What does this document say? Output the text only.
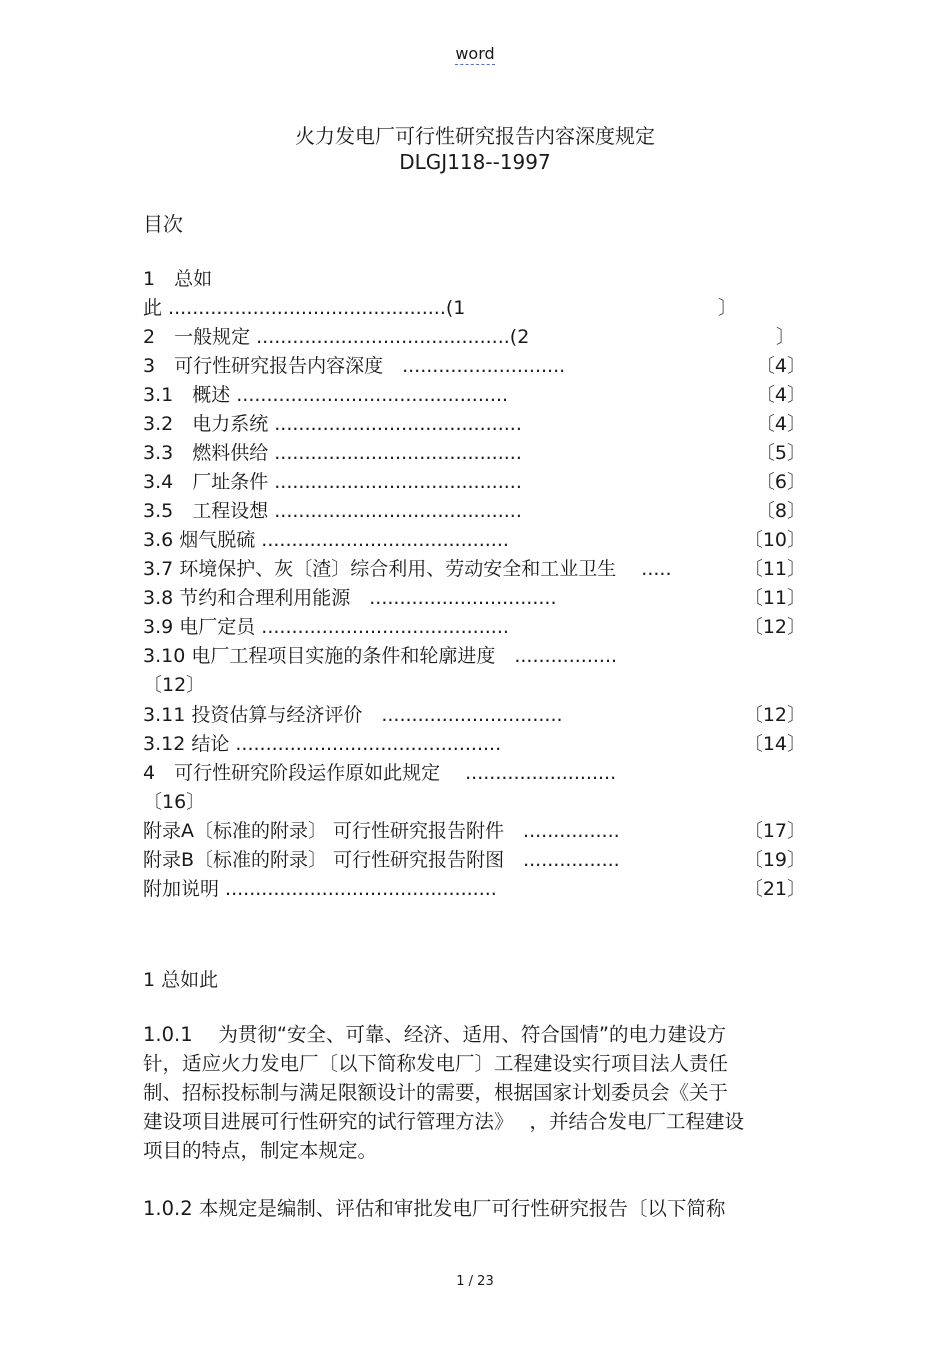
word
火力发电厂可行性研究报告内容深度规定
DLGJ118--1997
目次
1　总如
此 ..............................................(1	〕
2　一般规定 ..........................................(2	〕
3　可行性研究报告内容深度　...........................	〔4〕
3.1　概述 .............................................	〔4〕
3.2　电力系统 .........................................	〔4〕
3.3　燃料供给 .........................................	〔5〕
3.4　厂址条件 .........................................	〔6〕
3.5　工程设想 .........................................	〔8〕
3.6 烟气脱硫 .........................................	〔10〕
3.7 环境保护、灰〔渣〕综合利用、劳动安全和工业卫生　 .....	〔11〕
3.8 节约和合理利用能源　...............................	〔11〕
3.9 电厂定员 .........................................	〔12〕
3.10 电厂工程项目实施的条件和轮廓进度　.................
〔12〕
3.11 投资估算与经济评价　..............................	〔12〕
3.12 结论 ............................................	〔14〕
4　可行性研究阶段运作原如此规定　 .........................
〔16〕
附录A〔标准的附录〕 可行性研究报告附件　................	〔17〕
附录B〔标准的附录〕 可行性研究报告附图　................	〔19〕
附加说明 .............................................	〔21〕
1 总如此
1.0.1　 为贯彻“安全、可靠、经济、适用、符合国情”的电力建设方
针，适应火力发电厂〔以下简称发电厂〕工程建设实行项目法人责任
制、招标投标制与满足限额设计的需要，根据国家计划委员会《关于
建设项目进展可行性研究的试行管理方法》　 ，并结合发电厂工程建设
项目的特点，制定本规定。
1.0.2 本规定是编制、评估和审批发电厂可行性研究报告〔以下简称
1 / 23
